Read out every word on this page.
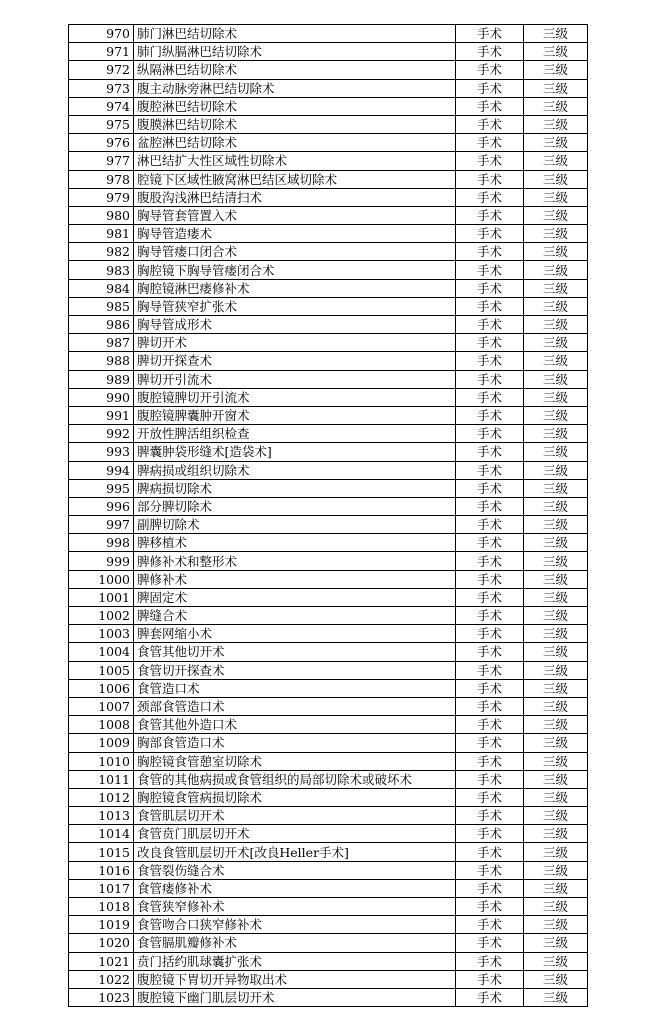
970	肺门淋巴结切除术	手术	三级
971	肺门纵膈淋巴结切除术	手术	三级
972	纵隔淋巴结切除术	手术	三级
973	腹主动脉旁淋巴结切除术	手术	三级
974	腹腔淋巴结切除术	手术	三级
975	腹膜淋巴结切除术	手术	三级
976	盆腔淋巴结切除术	手术	三级
977	淋巴结扩大性区域性切除术	手术	三级
978	腔镜下区域性腋窝淋巴结区域切除术	手术	三级
979	腹股沟浅淋巴结清扫术	手术	三级
980	胸导管套管置入术	手术	三级
981	胸导管造瘘术	手术	三级
982	胸导管瘘口闭合术	手术	三级
983	胸腔镜下胸导管瘘闭合术	手术	三级
984	胸腔镜淋巴瘘修补术	手术	三级
985	胸导管狭窄扩张术	手术	三级
986	胸导管成形术	手术	三级
987	脾切开术	手术	三级
988	脾切开探查术	手术	三级
989	脾切开引流术	手术	三级
990	腹腔镜脾切开引流术	手术	三级
991	腹腔镜脾囊肿开窗术	手术	三级
992	开放性脾活组织检查	手术	三级
993	脾囊肿袋形缝术[造袋术]	手术	三级
994	脾病损或组织切除术	手术	三级
995	脾病损切除术	手术	三级
996	部分脾切除术	手术	三级
997	副脾切除术	手术	三级
998	脾移植术	手术	三级
999	脾修补术和整形术	手术	三级
1000	脾修补术	手术	三级
1001	脾固定术	手术	三级
1002	脾缝合术	手术	三级
1003	脾套网缩小术	手术	三级
1004	食管其他切开术	手术	三级
1005	食管切开探查术	手术	三级
1006	食管造口术	手术	三级
1007	颈部食管造口术	手术	三级
1008	食管其他外造口术	手术	三级
1009	胸部食管造口术	手术	三级
1010	胸腔镜食管憩室切除术	手术	三级
1011	食管的其他病损或食管组织的局部切除术或破坏术	手术	三级
1012	胸腔镜食管病损切除术	手术	三级
1013	食管肌层切开术	手术	三级
1014	食管贲门肌层切开术	手术	三级
1015	改良食管肌层切开术[改良Heller手术]	手术	三级
1016	食管裂伤缝合术	手术	三级
1017	食管瘘修补术	手术	三级
1018	食管狭窄修补术	手术	三级
1019	食管吻合口狭窄修补术	手术	三级
1020	食管膈肌瓣修补术	手术	三级
1021	贲门括约肌球囊扩张术	手术	三级
1022	腹腔镜下胃切开异物取出术	手术	三级
1023	腹腔镜下幽门肌层切开术	手术	三级
